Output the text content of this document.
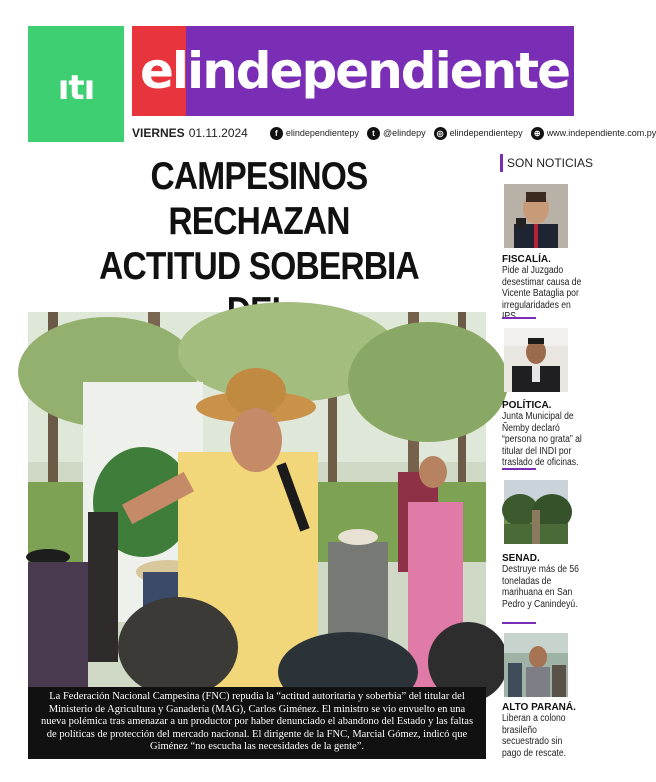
ıtı elindependiente
VIERNES 01.11.2024	f elindependientepy	t @elindepy	◎ elindependientepy	⊕ www.independiente.com.py
CAMPESINOS RECHAZAN
ACTITUD SOBERBIA
La Federación Nacional Campesina (FNC) repudia la “actitud autoritaria y soberbia” del titular del Ministerio de Agricultura y Ganadería (MAG), Carlos Giménez. El ministro se vio envuelto en una nueva polémica tras amenazar a un productor por haber denunciado el abandono del Estado y las faltas de políticas de protección del mercado nacional. El dirigente de la FNC, Marcial Gómez, indicó que Giménez “no escucha las necesidades de la gente”.
SON NOTICIAS
FISCALÍA.
Pide al Juzgado desestimar causa de Vicente Bataglia por irregularidades en
POLÍTICA.
Junta Municipal de Ñemby declaró “persona no grata” al titular del INDI por traslado de oficinas.
SENAD.
Destruye más de 56 toneladas de marihuana en San Pedro y Canindeyú.
ALTO PARANÁ.
Liberan a colono brasileño secuestrado sin pago de rescate.
